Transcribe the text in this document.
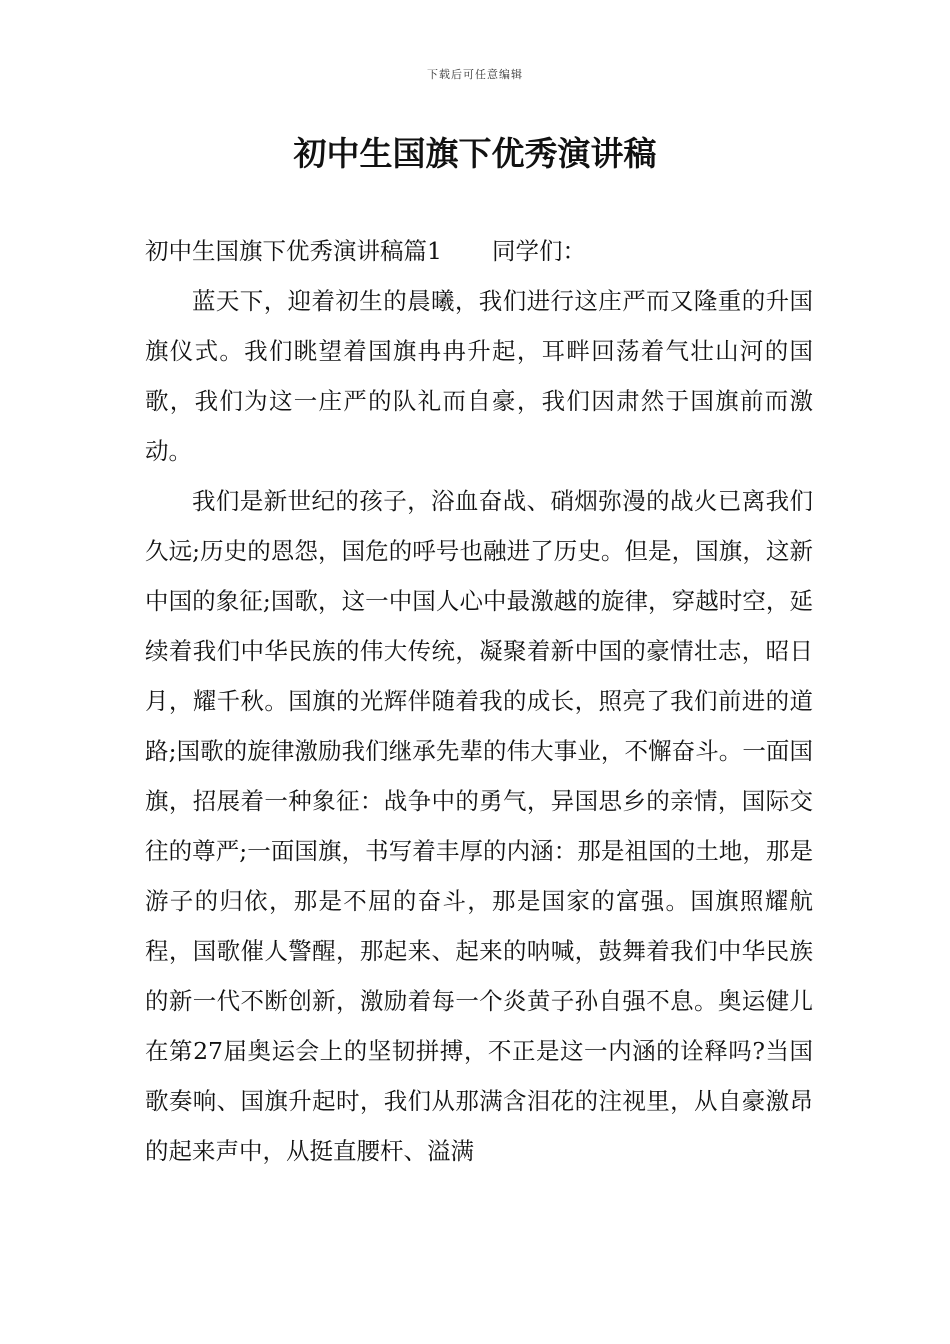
下载后可任意编辑
初中生国旗下优秀演讲稿

初中生国旗下优秀演讲稿篇1 同学们：

蓝天下，迎着初生的晨曦，我们进行这庄严而又隆重的升国旗仪式。我们眺望着国旗冉冉升起，耳畔回荡着气壮山河的国歌，我们为这一庄严的队礼而自豪，我们因肃然于国旗前而激动。

我们是新世纪的孩子，浴血奋战、硝烟弥漫的战火已离我们久远;历史的恩怨，国危的呼号也融进了历史。但是，国旗，这新中国的象征;国歌，这一中国人心中最激越的旋律，穿越时空，延续着我们中华民族的伟大传统，凝聚着新中国的豪情壮志，昭日月，耀千秋。国旗的光辉伴随着我的成长，照亮了我们前进的道路;国歌的旋律激励我们继承先辈的伟大事业，不懈奋斗。一面国旗，招展着一种象征：战争中的勇气，异国思乡的亲情，国际交往的尊严;一面国旗，书写着丰厚的内涵：那是祖国的土地，那是游子的归依，那是不屈的奋斗，那是国家的富强。国旗照耀航程，国歌催人警醒，那起来、起来的呐喊，鼓舞着我们中华民族的新一代不断创新，激励着每一个炎黄子孙自强不息。奥运健儿在第27届奥运会上的坚韧拼搏，不正是这一内涵的诠释吗?当国歌奏响、国旗升起时，我们从那满含泪花的注视里，从自豪激昂的起来声中，从挺直腰杆、溢满
